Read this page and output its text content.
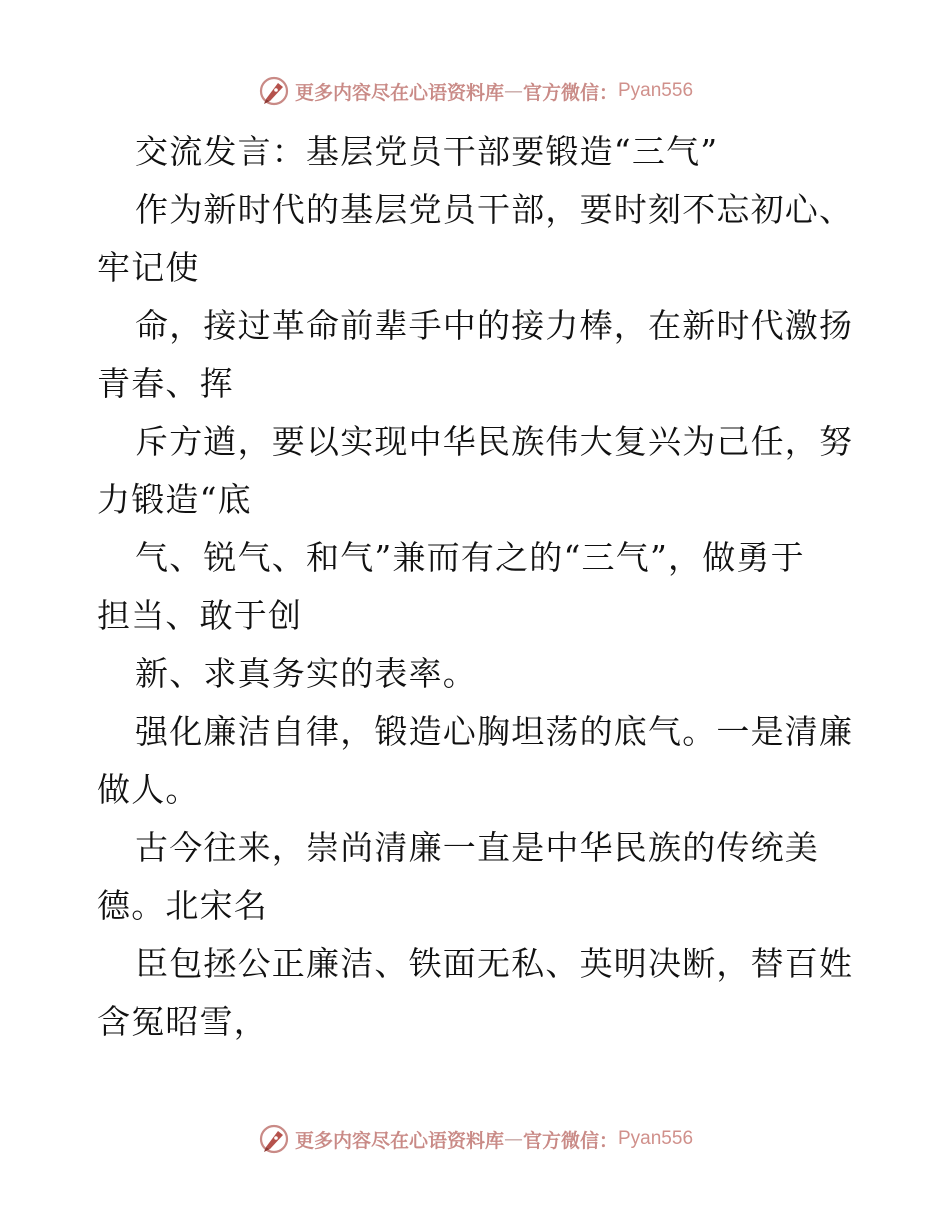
更多内容尽在心语资料库 — 官方微信： Pyan556
交流发言：基层党员干部要锻造“三气”
作为新时代的基层党员干部，要时刻不忘初心、
牢记使
命，接过革命前辈手中的接力棒，在新时代激扬
青春、挥
斥方遒，要以实现中华民族伟大复兴为己任，努
力锻造“底
气、锐气、和气”兼而有之的“三气”，做勇于
担当、敢于创
新、求真务实的表率。
强化廉洁自律，锻造心胸坦荡的底气。一是清廉
做人。
古今往来，崇尚清廉一直是中华民族的传统美
德。北宋名
臣包拯公正廉洁、铁面无私、英明决断，替百姓
含冤昭雪，
更多内容尽在心语资料库 — 官方微信： Pyan556
